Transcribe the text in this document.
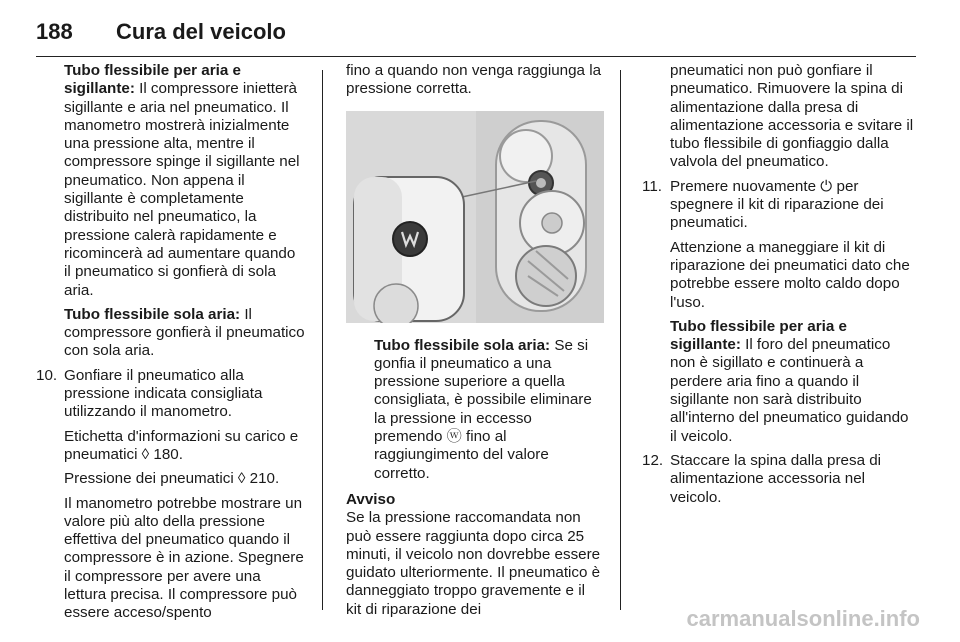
188	Cura del veicolo

Tubo flessibile per aria e sigillante: Il compressore inietterà sigillante e aria nel pneumatico. Il manometro mostrerà inizialmente una pressione alta, mentre il compressore spinge il sigillante nel pneumatico. Non appena il sigillante è completamente distribuito nel pneumatico, la pressione calerà rapidamente e ricomincerà ad aumentare quando il pneumatico si gonfierà di sola aria.

Tubo flessibile sola aria: Il compressore gonfierà il pneumatico con sola aria.

10. Gonfiare il pneumatico alla pressione indicata consigliata utilizzando il manometro.

Etichetta d'informazioni su carico e pneumatici ◊ 180.

Pressione dei pneumatici ◊ 210.

Il manometro potrebbe mostrare un valore più alto della pressione effettiva del pneumatico quando il compressore è in azione. Spegnere il compressore per avere una lettura precisa. Il compressore può essere acceso/spento

fino a quando non venga raggiunga la pressione corretta.

Tubo flessibile sola aria: Se si gonfia il pneumatico a una pressione superiore a quella consigliata, è possibile eliminare la pressione in eccesso premendo ⓦ fino al raggiungimento del valore corretto.

Avviso

Se la pressione raccomandata non può essere raggiunta dopo circa 25 minuti, il veicolo non dovrebbe essere guidato ulteriormente. Il pneumatico è danneggiato troppo gravemente e il kit di riparazione dei

pneumatici non può gonfiare il pneumatico. Rimuovere la spina di alimentazione dalla presa di alimentazione accessoria e svitare il tubo flessibile di gonfiaggio dalla valvola del pneumatico.

11. Premere nuovamente ⏻ per spegnere il kit di riparazione dei pneumatici.

Attenzione a maneggiare il kit di riparazione dei pneumatici dato che potrebbe essere molto caldo dopo l'uso.

Tubo flessibile per aria e sigillante: Il foro del pneumatico non è sigillato e continuerà a perdere aria fino a quando il sigillante non sarà distribuito all'interno del pneumatico guidando il veicolo.

12. Staccare la spina dalla presa di alimentazione accessoria nel veicolo.
carmanualsonline.info
